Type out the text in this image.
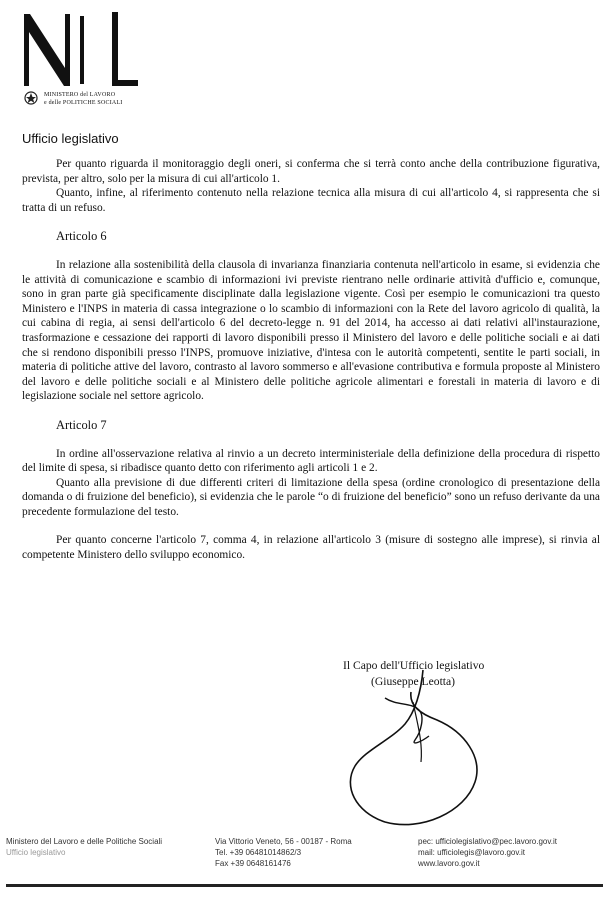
MINISTERO del LAVORO
e delle POLITICHE SOCIALI
Ufficio legislativo

Per quanto riguarda il monitoraggio degli oneri, si conferma che si terrà conto anche della contribuzione figurativa, prevista, per altro, solo per la misura di cui all'articolo 1.

Quanto, infine, al riferimento contenuto nella relazione tecnica alla misura di cui all'articolo 4, si rappresenta che si tratta di un refuso.

Articolo 6

In relazione alla sostenibilità della clausola di invarianza finanziaria contenuta nell'articolo in esame, si evidenzia che le attività di comunicazione e scambio di informazioni ivi previste rientrano nelle ordinarie attività d'ufficio e, comunque, sono in gran parte già specificamente disciplinate dalla legislazione vigente. Così per esempio le comunicazioni tra questo Ministero e l'INPS in materia di cassa integrazione o lo scambio di informazioni con la Rete del lavoro agricolo di qualità, la cui cabina di regia, ai sensi dell'articolo 6 del decreto-legge n. 91 del 2014, ha accesso ai dati relativi all'instaurazione, trasformazione e cessazione dei rapporti di lavoro disponibili presso il Ministero del lavoro e delle politiche sociali e ai dati che si rendono disponibili presso l'INPS, promuove iniziative, d'intesa con le autorità competenti, sentite le parti sociali, in materia di politiche attive del lavoro, contrasto al lavoro sommerso e all'evasione contributiva e formula proposte al Ministero del lavoro e delle politiche sociali e al Ministero delle politiche agricole alimentari e forestali in materia di lavoro e di legislazione sociale nel settore agricolo.

Articolo 7

In ordine all'osservazione relativa al rinvio a un decreto interministeriale della definizione della procedura di rispetto del limite di spesa, si ribadisce quanto detto con riferimento agli articoli 1 e 2.

Quanto alla previsione di due differenti criteri di limitazione della spesa (ordine cronologico di presentazione della domanda o di fruizione del beneficio), si evidenzia che le parole “o di fruizione del beneficio” sono un refuso derivante da una precedente formulazione del testo.

Per quanto concerne l'articolo 7, comma 4, in relazione all'articolo 3 (misure di sostegno alle imprese), si rinvia al competente Ministero dello sviluppo economico.

Il Capo dell'Ufficio legislativo
(Giuseppe Leotta)
Ministero del Lavoro e delle Politiche Sociali
Ufficio legislativo
Via Vittorio Veneto, 56 - 00187 - Roma
Tel. +39 06481014862/3
Fax +39 0648161476
pec: ufficiolegislativo@pec.lavoro.gov.it
mail: ufficiolegis@lavoro.gov.it
www.lavoro.gov.it
